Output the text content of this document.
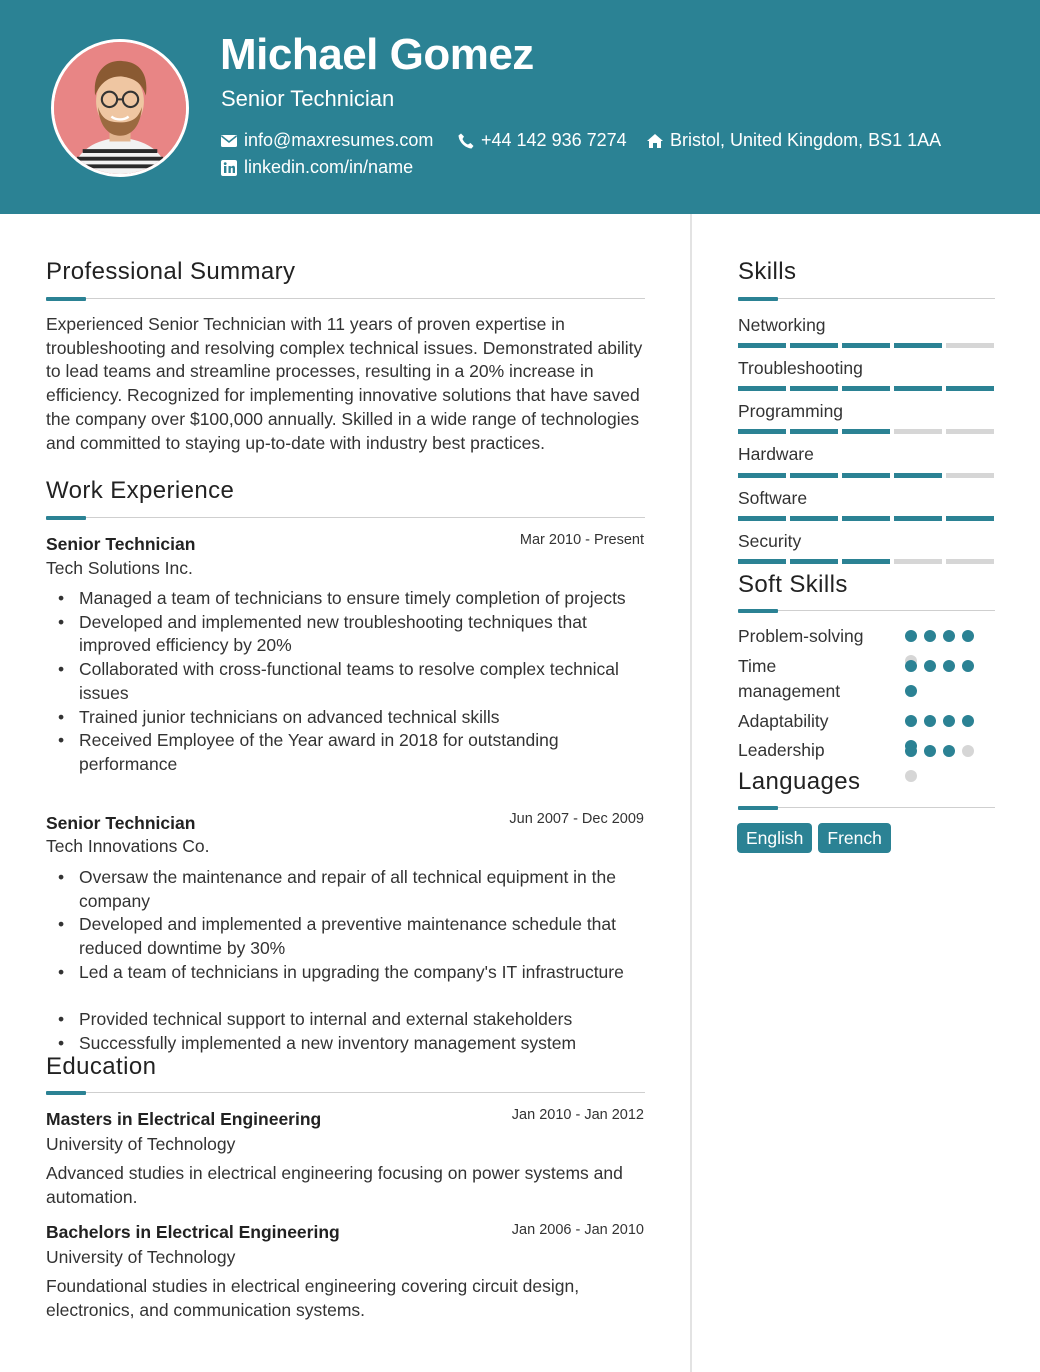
Michael Gomez
Senior Technician
info@maxresumes.com	+44 142 936 7274 Bristol, United Kingdom, BS1 1AA
linkedin.com/in/name
Professional Summary
Experienced Senior Technician with 11 years of proven expertise in troubleshooting and resolving complex technical issues. Demonstrated ability to lead teams and streamline processes, resulting in a 20% increase in efficiency. Recognized for implementing innovative solutions that have saved the company over $100,000 annually. Skilled in a wide range of technologies and committed to staying up-to-date with industry best practices.
Work Experience
Senior Technician	Mar 2010 - Present
Tech Solutions Inc.
• Managed a team of technicians to ensure timely completion of projects
• Developed and implemented new troubleshooting techniques that improved efficiency by 20%
• Collaborated with cross-functional teams to resolve complex technical issues
• Trained junior technicians on advanced technical skills
• Received Employee of the Year award in 2018 for outstanding performance
Senior Technician	Jun 2007 - Dec 2009
Tech Innovations Co.
• Oversaw the maintenance and repair of all technical equipment in the company
• Developed and implemented a preventive maintenance schedule that reduced downtime by 30%
• Led a team of technicians in upgrading the company's IT infrastructure
• Provided technical support to internal and external stakeholders
• Successfully implemented a new inventory management system
Education
Masters in Electrical Engineering	Jan 2010 - Jan 2012
University of Technology
Advanced studies in electrical engineering focusing on power systems and automation.
Bachelors in Electrical Engineering	Jan 2006 - Jan 2010
University of Technology
Foundational studies in electrical engineering covering circuit design, electronics, and communication systems.
Skills
Networking
Troubleshooting
Programming
Hardware
Software
Security
Soft Skills
Problem-solving
Time management
Adaptability
Leadership
Languages
English	French
